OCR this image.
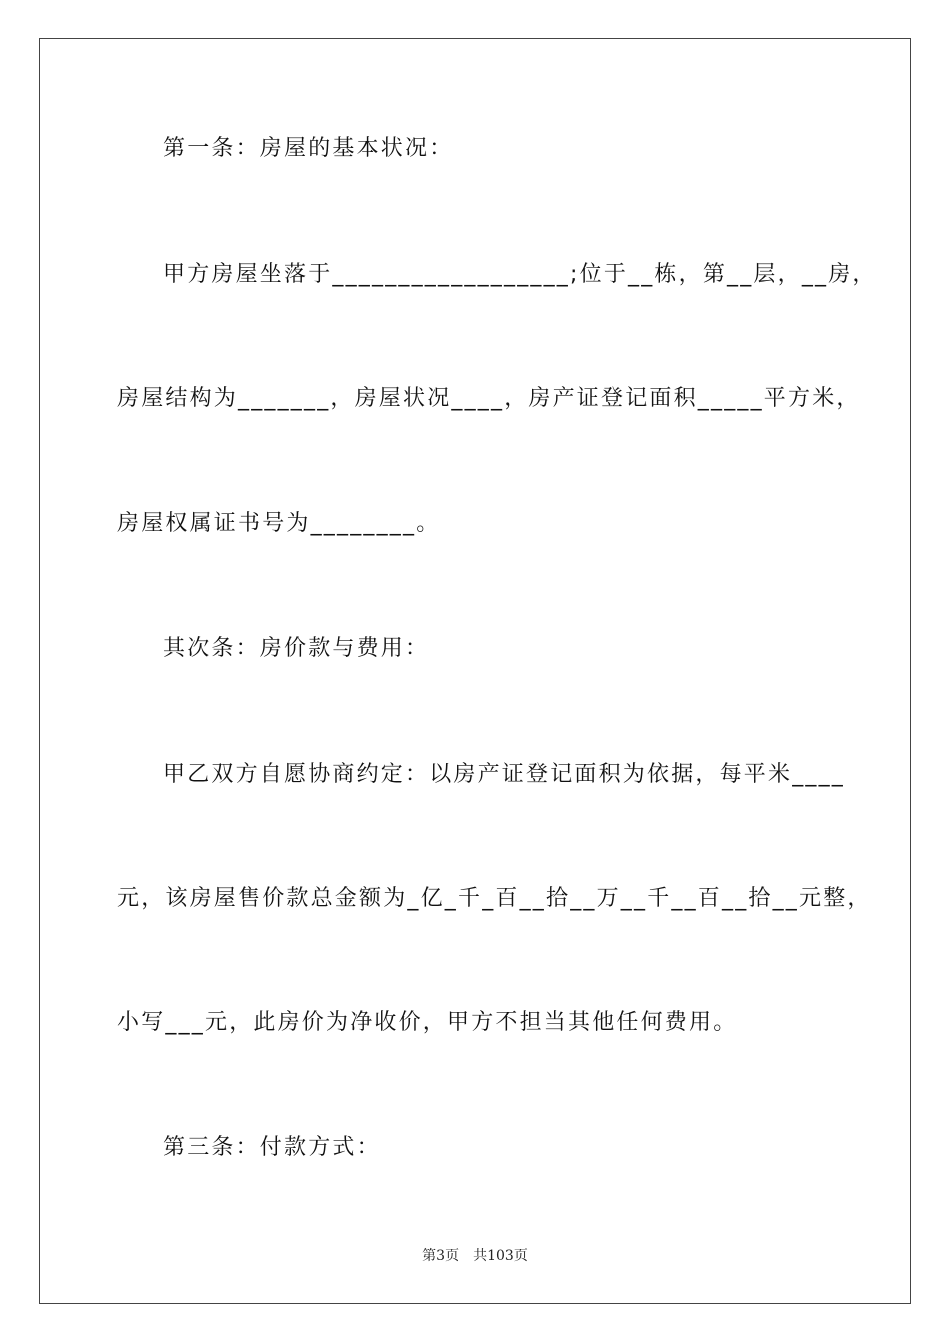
第一条：房屋的基本状况：
甲方房屋坐落于__________________;位于__栋，第__层，__房，
房屋结构为_______，房屋状况____，房产证登记面积_____平方米，
房屋权属证书号为________。
其次条：房价款与费用：
甲乙双方自愿协商约定：以房产证登记面积为依据，每平米____
元，该房屋售价款总金额为_亿_千_百__拾__万__千__百__拾__元整，
小写___元，此房价为净收价，甲方不担当其他任何费用。
第三条：付款方式：
第3页 共103页
